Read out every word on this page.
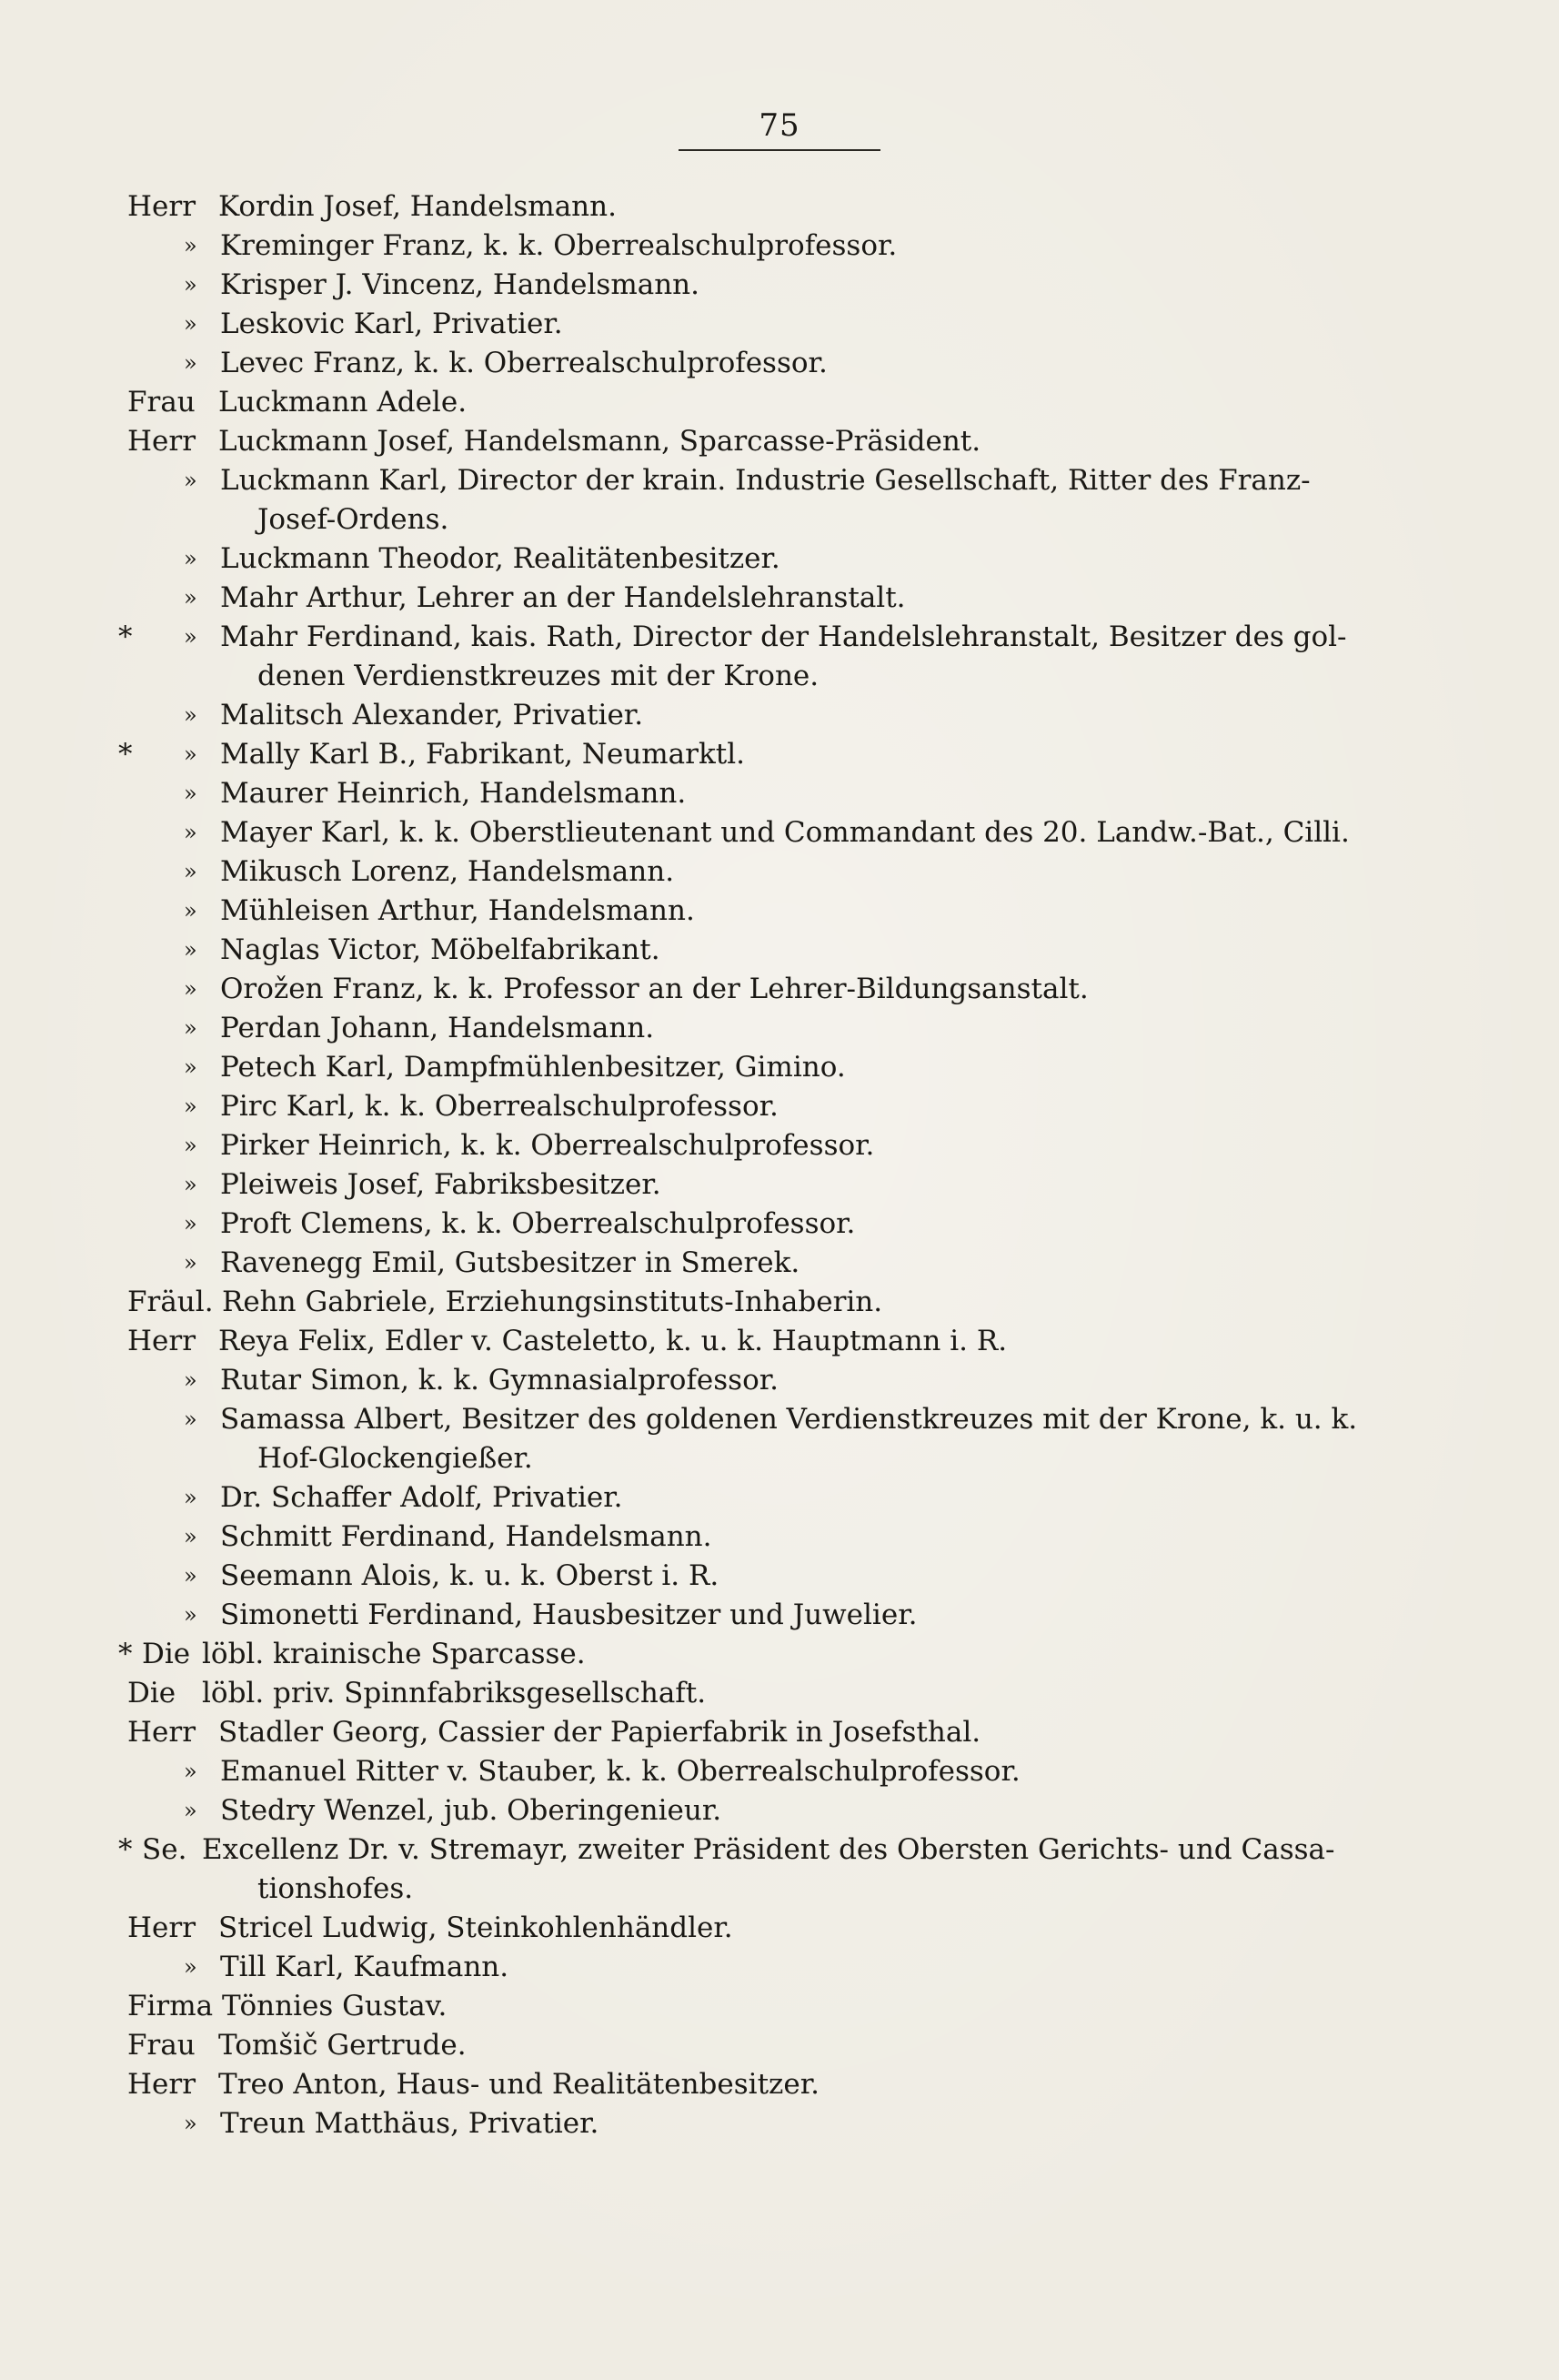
75
Herr Kordin Josef, Handelsmann.
» Kreminger Franz, k. k. Oberrealschulprofessor.
» Krisper J. Vincenz, Handelsmann.
» Leskovic Karl, Privatier.
» Levec Franz, k. k. Oberrealschulprofessor.
Frau Luckmann Adele.
Herr Luckmann Josef, Handelsmann, Sparcasse-Präsident.
» Luckmann Karl, Director der krain. Industrie Gesellschaft, Ritter des Franz-
Josef-Ordens.
» Luckmann Theodor, Realitätenbesitzer.
» Mahr Arthur, Lehrer an der Handelslehranstalt.
*	» Mahr Ferdinand, kais. Rath, Director der Handelslehranstalt, Besitzer des gol-
denen Verdienstkreuzes mit der Krone.
» Malitsch Alexander, Privatier.
*	» Mally Karl B., Fabrikant, Neumarktl.
» Maurer Heinrich, Handelsmann.
» Mayer Karl, k. k. Oberstlieutenant und Commandant des 20. Landw.-Bat., Cilli.
» Mikusch Lorenz, Handelsmann.
» Mühleisen Arthur, Handelsmann.
» Naglas Victor, Möbelfabrikant.
» Orožen Franz, k. k. Professor an der Lehrer-Bildungsanstalt.
» Perdan Johann, Handelsmann.
» Petech Karl, Dampfmühlenbesitzer, Gimino.
» Pirc Karl, k. k. Oberrealschulprofessor.
» Pirker Heinrich, k. k. Oberrealschulprofessor.
» Pleiweis Josef, Fabriksbesitzer.
» Proft Clemens, k. k. Oberrealschulprofessor.
» Ravenegg Emil, Gutsbesitzer in Smerek.
Fräul. Rehn Gabriele, Erziehungsinstituts-Inhaberin.
Herr Reya Felix, Edler v. Casteletto, k. u. k. Hauptmann i. R.
» Rutar Simon, k. k. Gymnasialprofessor.
» Samassa Albert, Besitzer des goldenen Verdienstkreuzes mit der Krone, k. u. k.
Hof-Glockengießer.
» Dr. Schaffer Adolf, Privatier.
» Schmitt Ferdinand, Handelsmann.
» Seemann Alois, k. u. k. Oberst i. R.
» Simonetti Ferdinand, Hausbesitzer und Juwelier.
* Die löbl. krainische Sparcasse.
Die löbl. priv. Spinnfabriksgesellschaft.
Herr Stadler Georg, Cassier der Papierfabrik in Josefsthal.
» Emanuel Ritter v. Stauber, k. k. Oberrealschulprofessor.
» Stedry Wenzel, jub. Oberingenieur.
* Se. Excellenz Dr. v. Stremayr, zweiter Präsident des Obersten Gerichts- und Cassa-
tionshofes.
Herr Stricel Ludwig, Steinkohlenhändler.
» Till Karl, Kaufmann.
Firma Tönnies Gustav.
Frau Tomšič Gertrude.
Herr Treo Anton, Haus- und Realitätenbesitzer.
» Treun Matthäus, Privatier.
